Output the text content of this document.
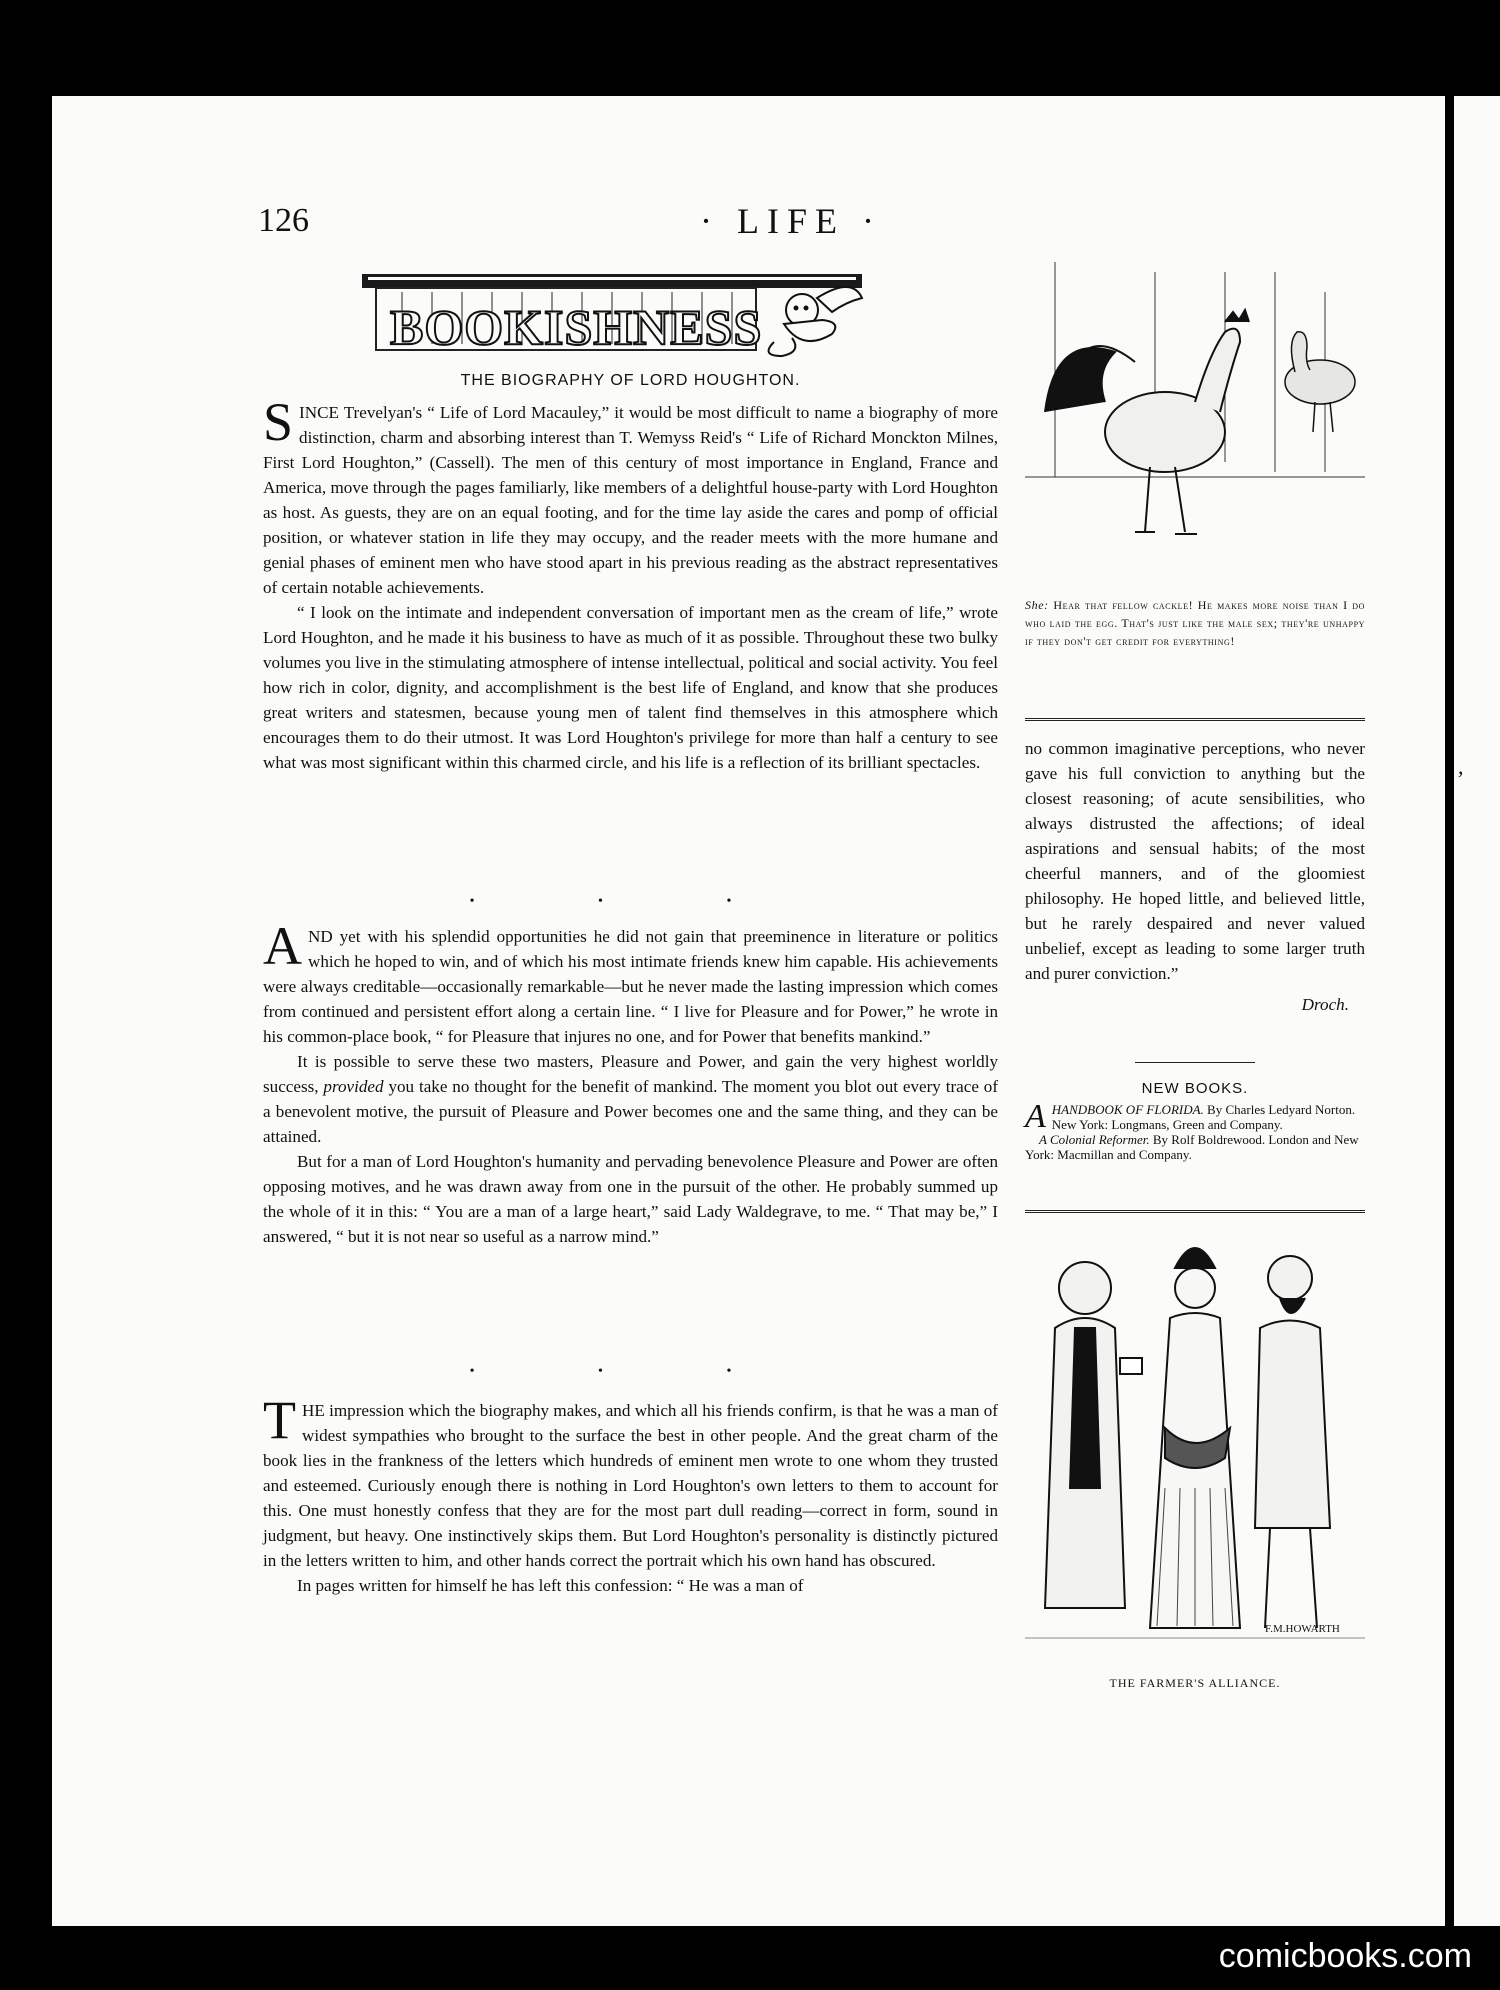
,
126	· LIFE ·
BOOKISHNESS
THE BIOGRAPHY OF LORD HOUGHTON.

SINCE Trevelyan's “ Life of Lord Macauley,” it would be most difficult to name a biography of more distinction, charm and absorbing interest than T. Wemyss Reid's “ Life of Richard Monckton Milnes, First Lord Houghton,” (Cassell). The men of this century of most importance in England, France and America, move through the pages familiarly, like members of a delightful house-party with Lord Houghton as host. As guests, they are on an equal footing, and for the time lay aside the cares and pomp of official position, or whatever station in life they may occupy, and the reader meets with the more humane and genial phases of eminent men who have stood apart in his previous reading as the abstract representatives of certain notable achievements.

“ I look on the intimate and independent conversation of important men as the cream of life,” wrote Lord Houghton, and he made it his business to have as much of it as possible. Throughout these two bulky volumes you live in the stimulating atmosphere of intense intellectual, political and social activity. You feel how rich in color, dignity, and accomplishment is the best life of England, and know that she produces great writers and statesmen, because young men of talent find themselves in this atmosphere which encourages them to do their utmost. It was Lord Houghton's privilege for more than half a century to see what was most significant within this charmed circle, and his life is a reflection of its brilliant spectacles.

• • •

AND yet with his splendid opportunities he did not gain that preeminence in literature or politics which he hoped to win, and of which his most intimate friends knew him capable. His achievements were always creditable—occasionally remarkable—but he never made the lasting impression which comes from continued and persistent effort along a certain line. “ I live for Pleasure and for Power,” he wrote in his common-place book, “ for Pleasure that injures no one, and for Power that benefits mankind.”

It is possible to serve these two masters, Pleasure and Power, and gain the very highest worldly success, provided you take no thought for the benefit of mankind. The moment you blot out every trace of a benevolent motive, the pursuit of Pleasure and Power becomes one and the same thing, and they can be attained.

But for a man of Lord Houghton's humanity and pervading benevolence Pleasure and Power are often opposing motives, and he was drawn away from one in the pursuit of the other. He probably summed up the whole of it in this: “ You are a man of a large heart,” said Lady Waldegrave, to me. “ That may be,” I answered, “ but it is not near so useful as a narrow mind.”

• • •

THE impression which the biography makes, and which all his friends confirm, is that he was a man of widest sympathies who brought to the surface the best in other people. And the great charm of the book lies in the frankness of the letters which hundreds of eminent men wrote to one whom they trusted and esteemed. Curiously enough there is nothing in Lord Houghton's own letters to them to account for this. One must honestly confess that they are for the most part dull reading—correct in form, sound in judgment, but heavy. One instinctively skips them. But Lord Houghton's personality is distinctly pictured in the letters written to him, and other hands correct the portrait which his own hand has obscured.

In pages written for himself he has left this confession: “ He was a man of

She: Hear that fellow cackle! He makes more noise than I do who laid the egg. That's just like the male sex; they're unhappy if they don't get credit for everything!

no common imaginative perceptions, who never gave his full conviction to anything but the closest reasoning; of acute sensibilities, who always distrusted the affections; of ideal aspirations and sensual habits; of the most cheerful manners, and of the gloomiest philosophy. He hoped little, and believed little, but he rarely despaired and never valued unbelief, except as leading to some larger truth and purer conviction.”

Droch.

NEW BOOKS.

AHANDBOOK OF FLORIDA. By Charles Ledyard Norton. New York: Longmans, Green and Company.

A Colonial Reformer. By Rolf Boldrewood. London and New York: Macmillan and Company.

F.M.HOWARTH
THE FARMER'S ALLIANCE.
comicbooks.com
